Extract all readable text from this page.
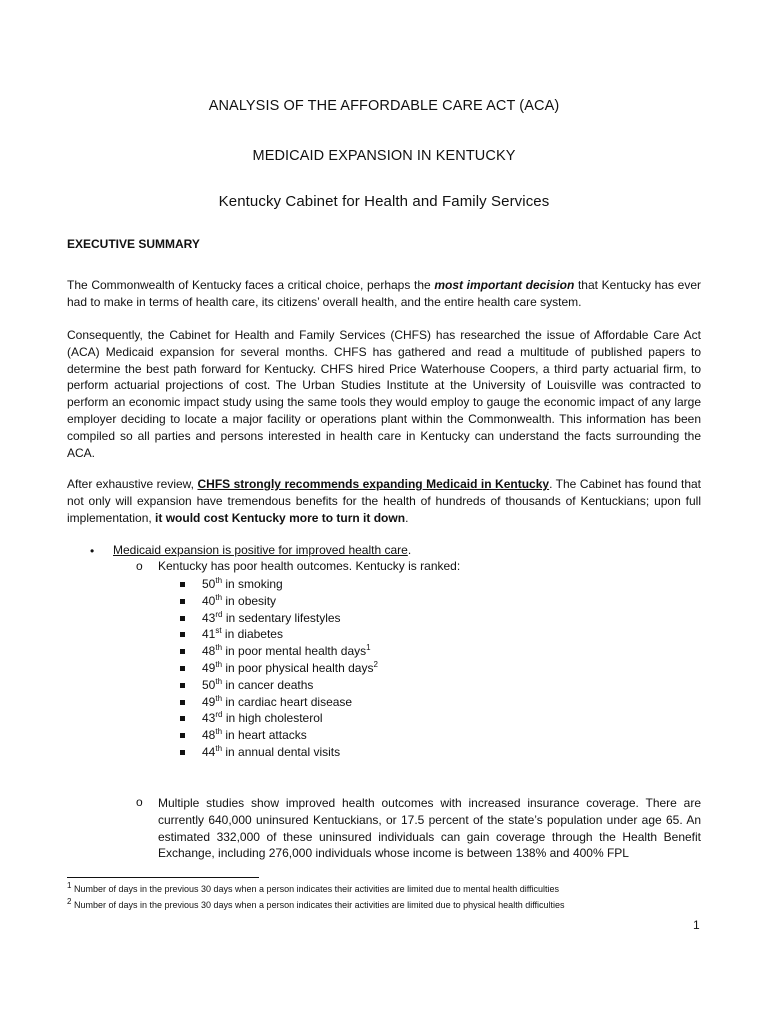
ANALYSIS OF THE AFFORDABLE CARE ACT (ACA)
MEDICAID EXPANSION IN KENTUCKY
Kentucky Cabinet for Health and Family Services
EXECUTIVE SUMMARY
The Commonwealth of Kentucky faces a critical choice, perhaps the most important decision that Kentucky has ever had to make in terms of health care, its citizens’ overall health, and the entire health care system.
Consequently, the Cabinet for Health and Family Services (CHFS) has researched the issue of Affordable Care Act (ACA) Medicaid expansion for several months. CHFS has gathered and read a multitude of published papers to determine the best path forward for Kentucky. CHFS hired Price Waterhouse Coopers, a third party actuarial firm, to perform actuarial projections of cost. The Urban Studies Institute at the University of Louisville was contracted to perform an economic impact study using the same tools they would employ to gauge the economic impact of any large employer deciding to locate a major facility or operations plant within the Commonwealth. This information has been compiled so all parties and persons interested in health care in Kentucky can understand the facts surrounding the ACA.
After exhaustive review, CHFS strongly recommends expanding Medicaid in Kentucky. The Cabinet has found that not only will expansion have tremendous benefits for the health of hundreds of thousands of Kentuckians; upon full implementation, it would cost Kentucky more to turn it down.
• Medicaid expansion is positive for improved health care.
o Kentucky has poor health outcomes. Kentucky is ranked:
50th in smoking
40th in obesity
43rd in sedentary lifestyles
41st in diabetes
48th in poor mental health days$^1$
49th in poor physical health days$^2$
50th in cancer deaths
49th in cardiac heart disease
43rd in high cholesterol
48th in heart attacks
44th in annual dental visits
o Multiple studies show improved health outcomes with increased insurance coverage. There are currently 640,000 uninsured Kentuckians, or 17.5 percent of the state’s population under age 65. An estimated 332,000 of these uninsured individuals can gain coverage through the Health Benefit Exchange, including 276,000 individuals whose income is between 138% and 400% FPL
$^1$ Number of days in the previous 30 days when a person indicates their activities are limited due to mental health difficulties
$^2$ Number of days in the previous 30 days when a person indicates their activities are limited due to physical health difficulties
1
